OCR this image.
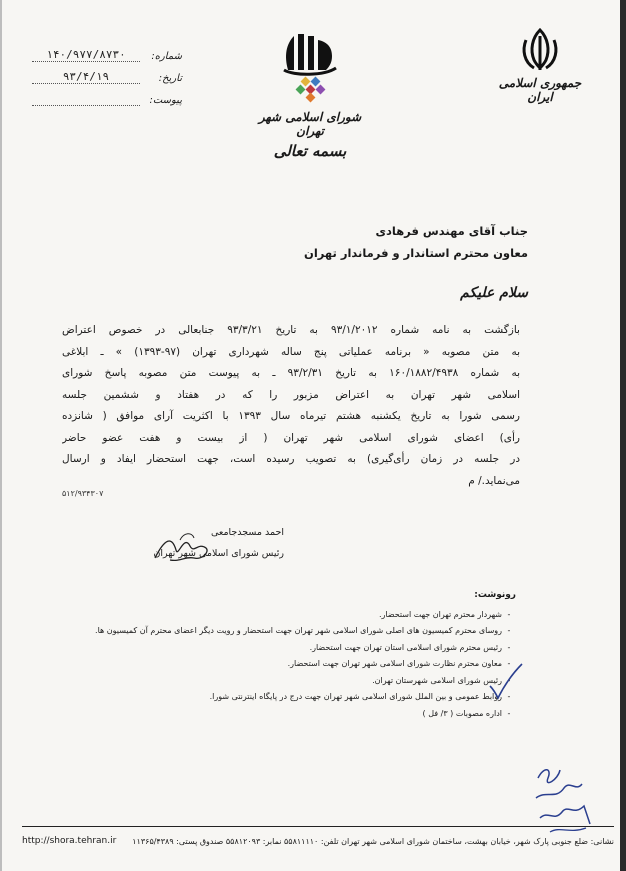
جمهوری اسلامی ایران
شورای اسلامی شهر تهران
بسمه تعالی
شماره:
۱۴۰/۹۷۷/۸۷۳۰
تاریخ:
۹۳/۴/۱۹
پیوست:
جناب آقای مهندس فرهادی
معاون محترم استاندار و فرماندار تهران
سلام علیکم
بازگشت به نامه شماره ۹۳/۱/۲۰۱۲ به تاریخ ۹۳/۳/۲۱ جنابعالی در خصوص اعتراض
به متن مصوبه « برنامه عملیاتی پنج ساله شهرداری تهران (۹۷-۱۳۹۳) » ـ ابلاغی
به شماره ۱۶۰/۱۸۸۲/۴۹۳۸ به تاریخ ۹۳/۲/۳۱ ـ به پیوست متن مصوبه پاسخ شورای
اسلامی شهر تهران به اعتراض مزبور را که در هفتاد و ششمین جلسه
رسمی شورا به تاریخ یکشنبه هشتم تیرماه سال ۱۳۹۳ با اکثریت آرای موافق ( شانزده
رأی) اعضای شورای اسلامی شهر تهران ( از بیست و هفت عضو حاضر
در جلسه در زمان رأی‌گیری) به تصویب رسیده است، جهت استحضار ایفاد و ارسال
می‌نماید./ م
۵۱۲/۹۳۴۳۰۷
احمد مسجدجامعی
رئیس شورای اسلامی شهر تهران
رونوشت:
-
شهردار محترم تهران جهت استحضار.
-
روسای محترم کمیسیون های اصلی شورای اسلامی شهر تهران جهت استحضار و رویت دیگر اعضای محترم آن کمیسیون ها.
-
رئیس محترم شورای اسلامی استان تهران جهت استحضار.
-
معاون محترم نظارت شورای اسلامی شهر تهران جهت استحضار.
-
رئیس شورای اسلامی شهرستان تهران.
-
روابط عمومی و بین الملل شورای اسلامی شهر تهران جهت درج در پایگاه اینترنتی شورا.
-
اداره مصوبات ( ۳/ فل )
http://shora.tehran.ir نشانی: ضلع جنوبی پارک شهر، خیابان بهشت، ساختمان شورای اسلامی شهر تهران تلفن: ۵۵۸۱۱۱۱۰ نمابر: ۵۵۸۱۲۰۹۳ صندوق پستی: ۱۱۳۶۵/۴۳۸۹
